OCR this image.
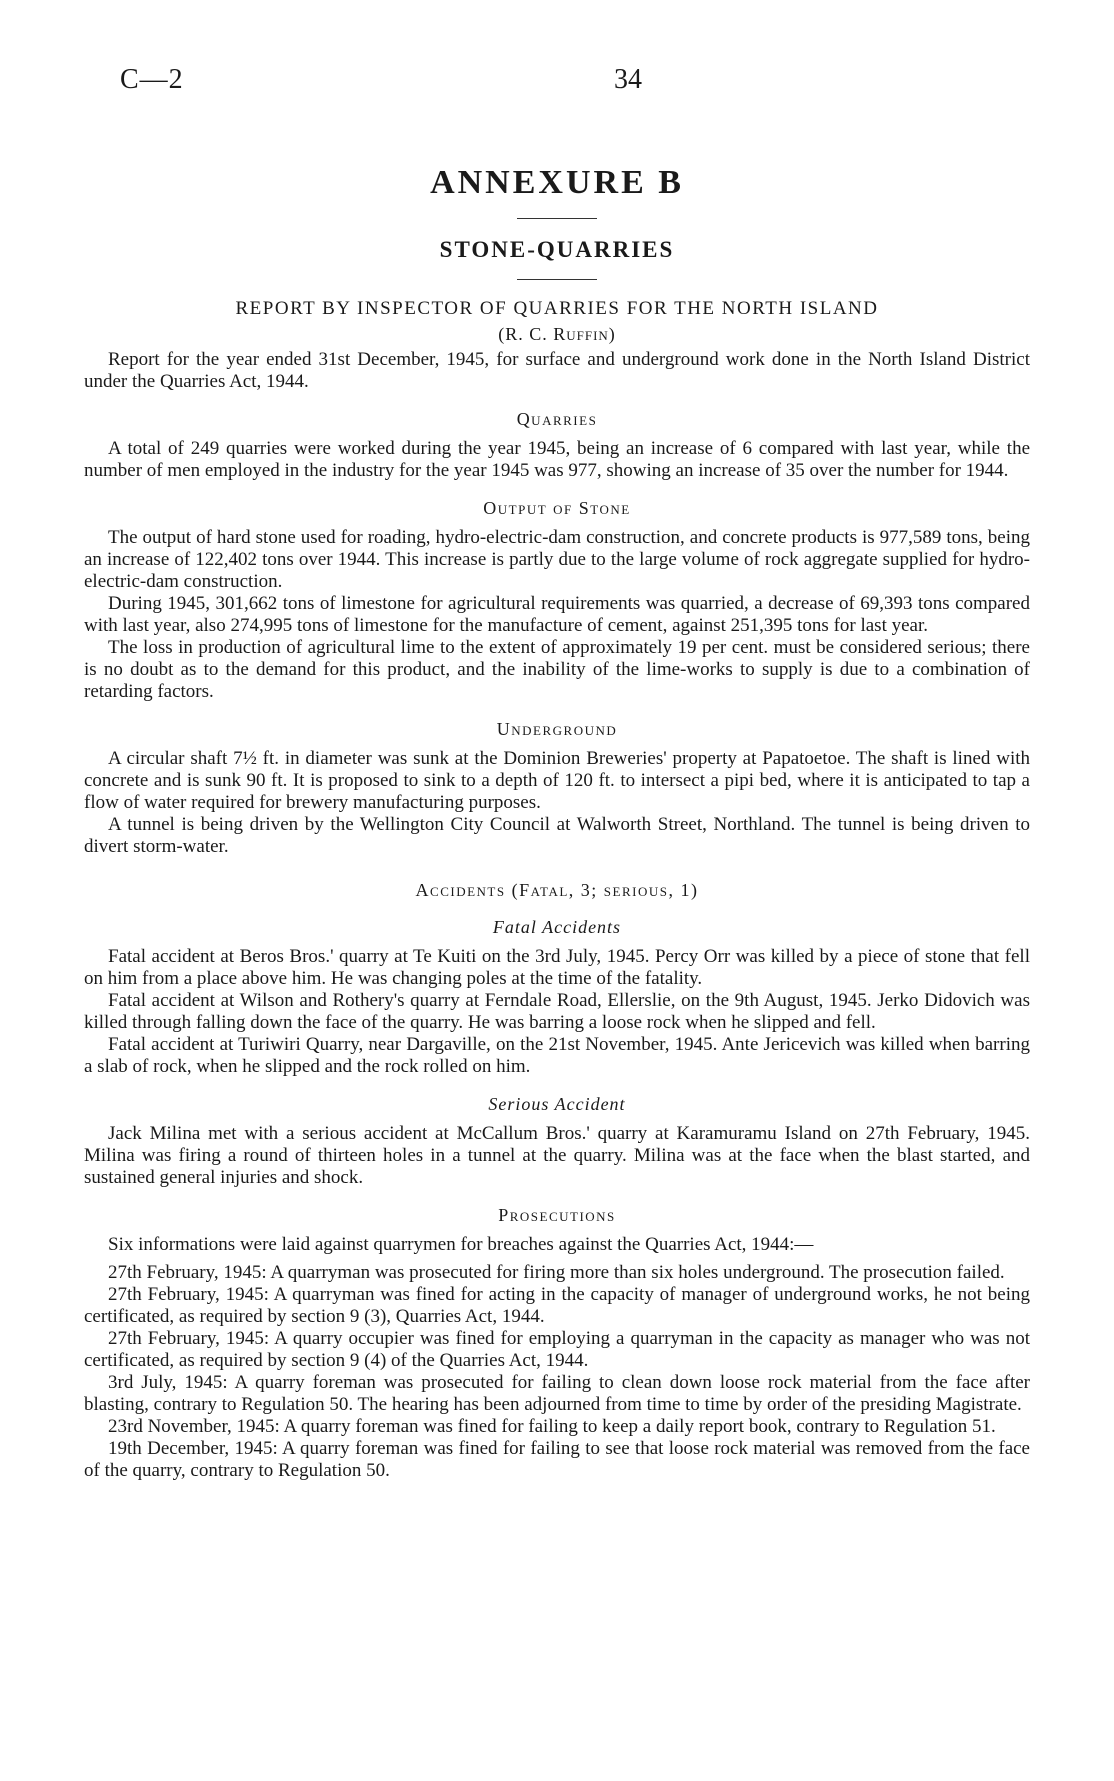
C—2	34
ANNEXURE B
STONE-QUARRIES
REPORT BY INSPECTOR OF QUARRIES FOR THE NORTH ISLAND
(R. C. Ruffin)

Report for the year ended 31st December, 1945, for surface and underground work done in the North Island District under the Quarries Act, 1944.

Quarries

A total of 249 quarries were worked during the year 1945, being an increase of 6 compared with last year, while the number of men employed in the industry for the year 1945 was 977, showing an increase of 35 over the number for 1944.

Output of Stone

The output of hard stone used for roading, hydro-electric-dam construction, and concrete products is 977,589 tons, being an increase of 122,402 tons over 1944. This increase is partly due to the large volume of rock aggregate supplied for hydro-electric-dam construction.

During 1945, 301,662 tons of limestone for agricultural requirements was quarried, a decrease of 69,393 tons compared with last year, also 274,995 tons of limestone for the manufacture of cement, against 251,395 tons for last year.

The loss in production of agricultural lime to the extent of approximately 19 per cent. must be considered serious; there is no doubt as to the demand for this product, and the inability of the lime-works to supply is due to a combination of retarding factors.

Underground

A circular shaft 7½ ft. in diameter was sunk at the Dominion Breweries' property at Papatoetoe. The shaft is lined with concrete and is sunk 90 ft. It is proposed to sink to a depth of 120 ft. to intersect a pipi bed, where it is anticipated to tap a flow of water required for brewery manufacturing purposes.

A tunnel is being driven by the Wellington City Council at Walworth Street, Northland. The tunnel is being driven to divert storm-water.

Accidents (Fatal, 3; serious, 1)
Fatal Accidents

Fatal accident at Beros Bros.' quarry at Te Kuiti on the 3rd July, 1945. Percy Orr was killed by a piece of stone that fell on him from a place above him. He was changing poles at the time of the fatality.

Fatal accident at Wilson and Rothery's quarry at Ferndale Road, Ellerslie, on the 9th August, 1945. Jerko Didovich was killed through falling down the face of the quarry. He was barring a loose rock when he slipped and fell.

Fatal accident at Turiwiri Quarry, near Dargaville, on the 21st November, 1945. Ante Jericevich was killed when barring a slab of rock, when he slipped and the rock rolled on him.

Serious Accident

Jack Milina met with a serious accident at McCallum Bros.' quarry at Karamuramu Island on 27th February, 1945. Milina was firing a round of thirteen holes in a tunnel at the quarry. Milina was at the face when the blast started, and sustained general injuries and shock.

Prosecutions

Six informations were laid against quarrymen for breaches against the Quarries Act, 1944:—

27th February, 1945: A quarryman was prosecuted for firing more than six holes underground. The prosecution failed.

27th February, 1945: A quarryman was fined for acting in the capacity of manager of underground works, he not being certificated, as required by section 9 (3), Quarries Act, 1944.

27th February, 1945: A quarry occupier was fined for employing a quarryman in the capacity as manager who was not certificated, as required by section 9 (4) of the Quarries Act, 1944.

3rd July, 1945: A quarry foreman was prosecuted for failing to clean down loose rock material from the face after blasting, contrary to Regulation 50. The hearing has been adjourned from time to time by order of the presiding Magistrate.

23rd November, 1945: A quarry foreman was fined for failing to keep a daily report book, contrary to Regulation 51.

19th December, 1945: A quarry foreman was fined for failing to see that loose rock material was removed from the face of the quarry, contrary to Regulation 50.
